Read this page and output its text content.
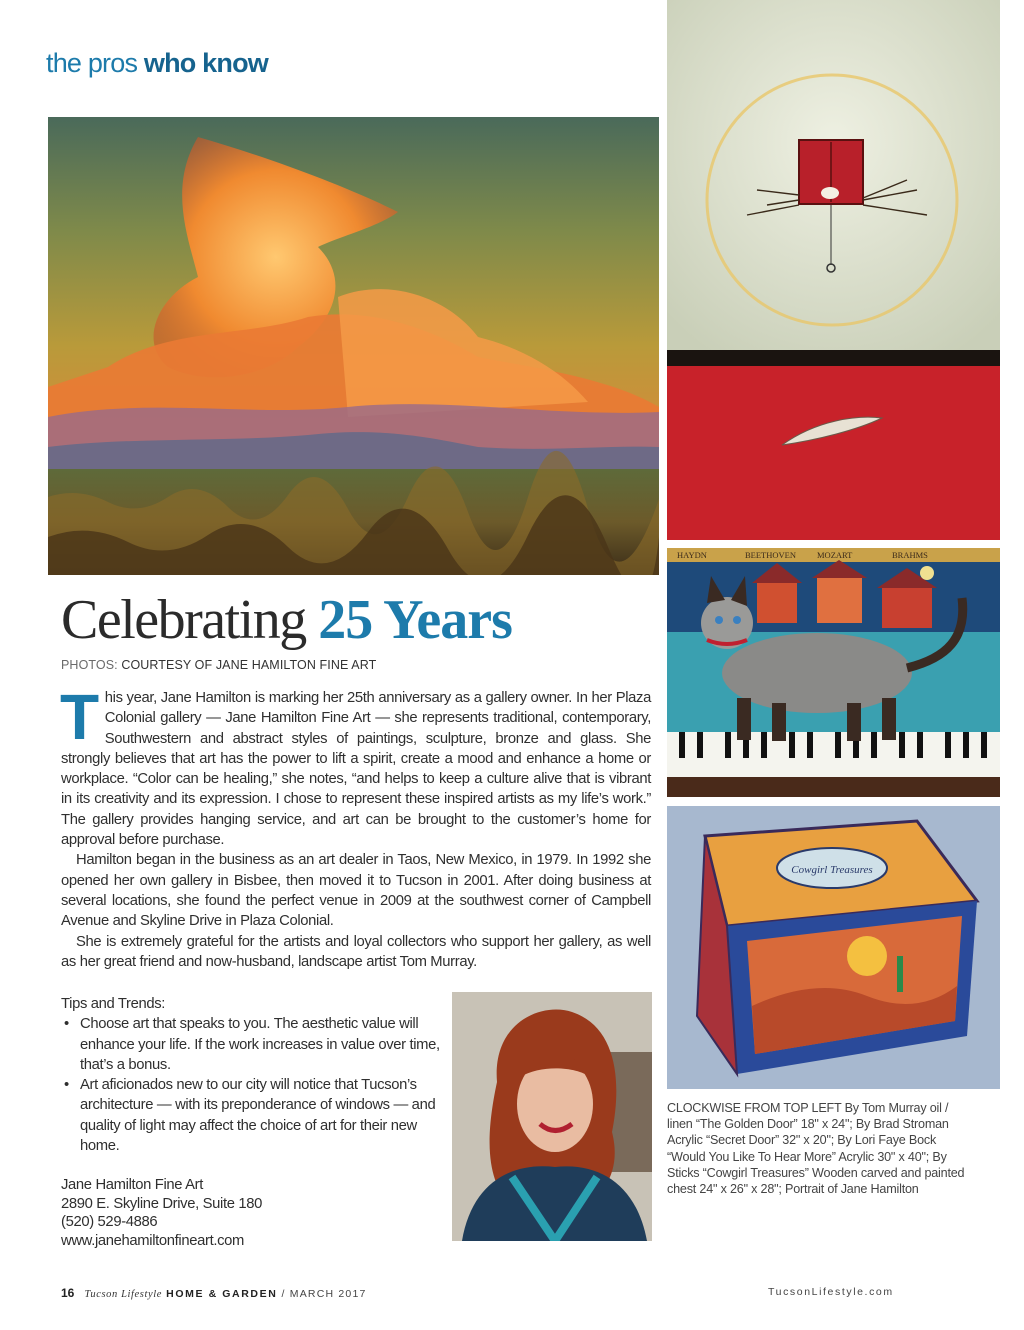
the pros who know
HAYDN	BEETHOVEN MOZART	BRAHMS
Cowgirl Treasures
Celebrating 25 Years
PHOTOS: COURTESY OF JANE HAMILTON FINE ART

This year, Jane Hamilton is marking her 25th anniversary as a gallery owner. In her Plaza Colonial gallery — Jane Hamilton Fine Art — she represents traditional, contemporary, Southwestern and abstract styles of paintings, sculpture, bronze and glass. She strongly believes that art has the power to lift a spirit, create a mood and enhance a home or workplace. “Color can be healing,” she notes, “and helps to keep a culture alive that is vibrant in its creativity and its expression. I chose to represent these inspired artists as my life’s work.” The gallery provides hanging service, and art can be brought to the customer’s home for approval before purchase.

Hamilton began in the business as an art dealer in Taos, New Mexico, in 1979. In 1992 she opened her own gallery in Bisbee, then moved it to Tucson in 2001. After doing business at several locations, she found the perfect venue in 2009 at the southwest corner of Campbell Avenue and Skyline Drive in Plaza Colonial.

She is extremely grateful for the artists and loyal collectors who support her gallery, as well as her great friend and now-husband, landscape artist Tom Murray.

Tips and Trends:
• Choose art that speaks to you. The aesthetic value will enhance your life. If the work increases in value over time, that’s a bonus.
• Art aficionados new to our city will notice that Tucson’s architecture — with its preponderance of windows — and quality of light may affect the choice of art for their new home.
Jane Hamilton Fine Art
2890 E. Skyline Drive, Suite 180
(520) 529-4886
www.janehamiltonfineart.com
CLOCKWISE FROM TOP LEFT By Tom Murray oil / linen “The Golden Door” 18" x 24"; By Brad Stroman Acrylic “Secret Door” 32" x 20"; By Lori Faye Bock “Would You Like To Hear More” Acrylic 30" x 40"; By Sticks “Cowgirl Treasures” Wooden carved and painted chest 24" x 26" x 28"; Portrait of Jane Hamilton
16 Tucson Lifestyle HOME & GARDEN / MARCH 2017	TucsonLifestyle.com
